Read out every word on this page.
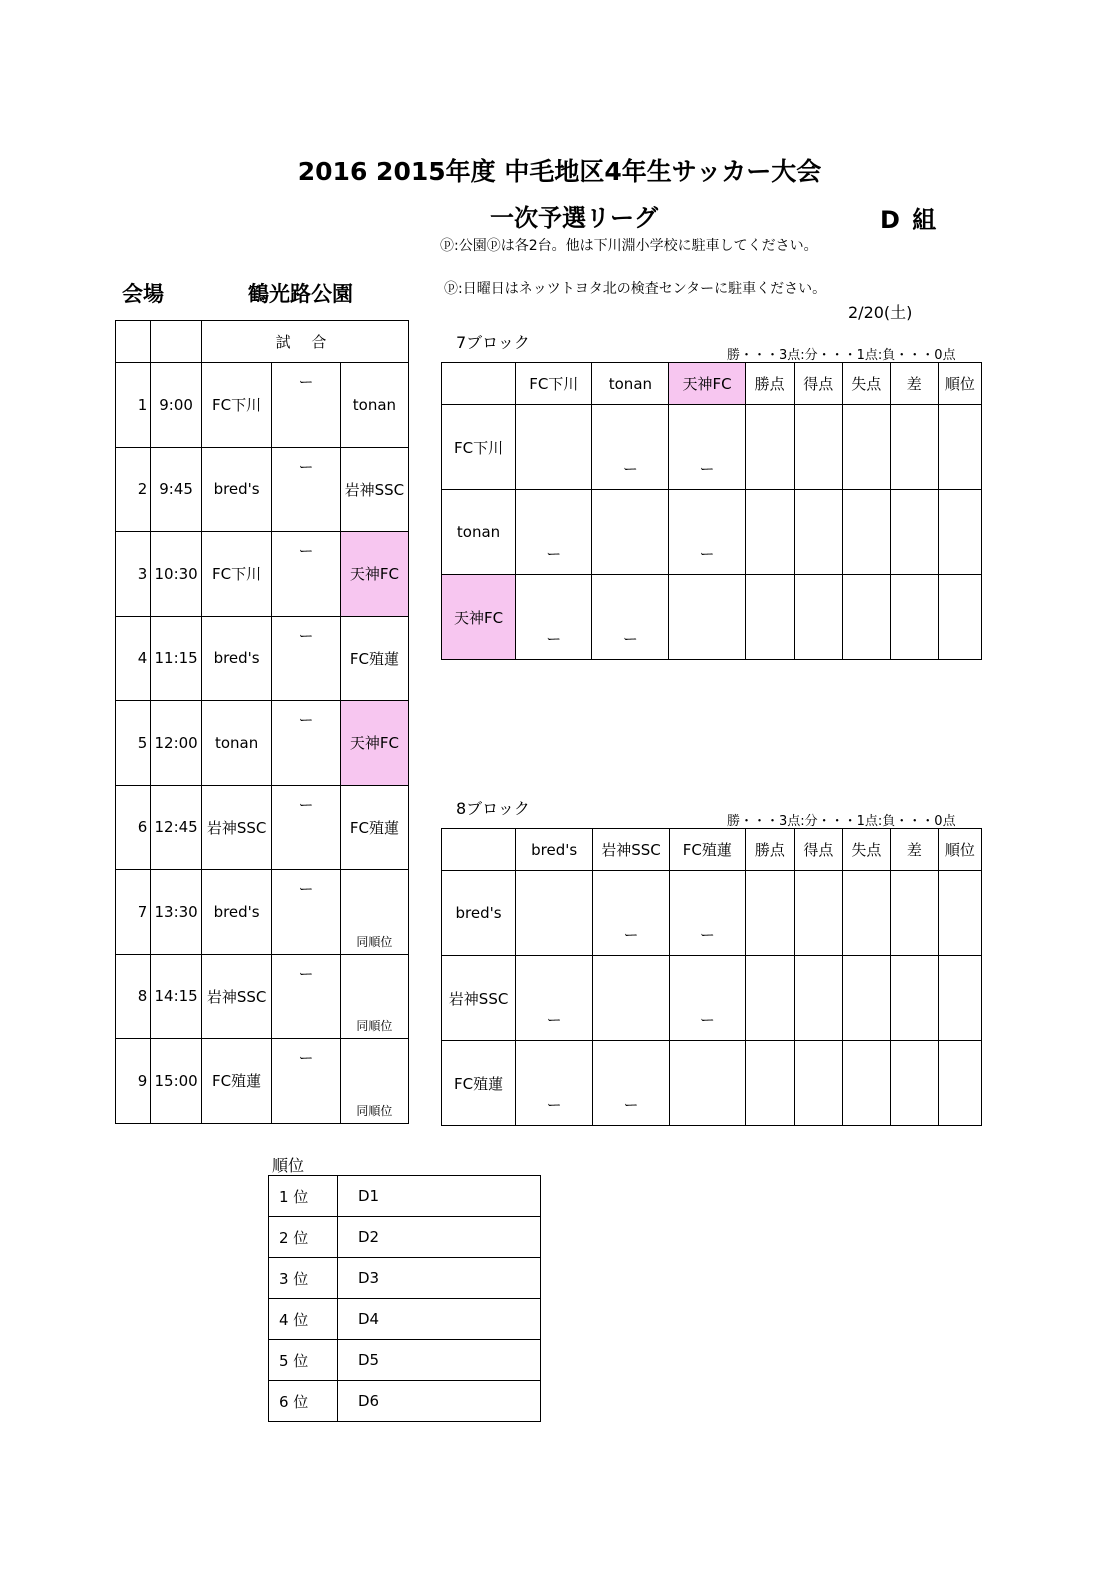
2016 2015年度 中毛地区4年生サッカー大会
一次予選リーグ	D 組
ⓟ:公園ⓟは各2台。他は下川淵小学校に駐車してください。
会場	鶴光路公園	ⓟ:日曜日はネッツトヨタ北の検査センターに駐車ください。
2/20(土)
		試 合		
1	9:00	FC下川	ー	tonan
2	9:45	bred's	ー	岩神SSC
3	10:30	FC下川	ー	天神FC
4	11:15	bred's	ー	FC殖蓮
5	12:00	tonan	ー	天神FC
6	12:45	岩神SSC	ー	FC殖蓮
7	13:30	bred's	ー	同順位

8	14:15	岩神SSC	ー	同順位

9	15:00	FC殖蓮	ー	同順位
7ブロック
勝・・・3点:分・・・1点:負・・・0点
	FC下川	tonan	天神FC	勝点	得点	失点	差	順位
FC下川		ー	ー					

tonan	ー		ー					

天神FC	ー	ー						

8ブロック
勝・・・3点:分・・・1点:負・・・0点
	bred's	岩神SSC	FC殖蓮	勝点	得点	失点	差	順位
bred's		ー	ー					

岩神SSC	ー		ー					

FC殖蓮	ー	ー						

順位
1 位	D1
2 位	D2
3 位	D3
4 位	D4
5 位	D5
6 位	D6
